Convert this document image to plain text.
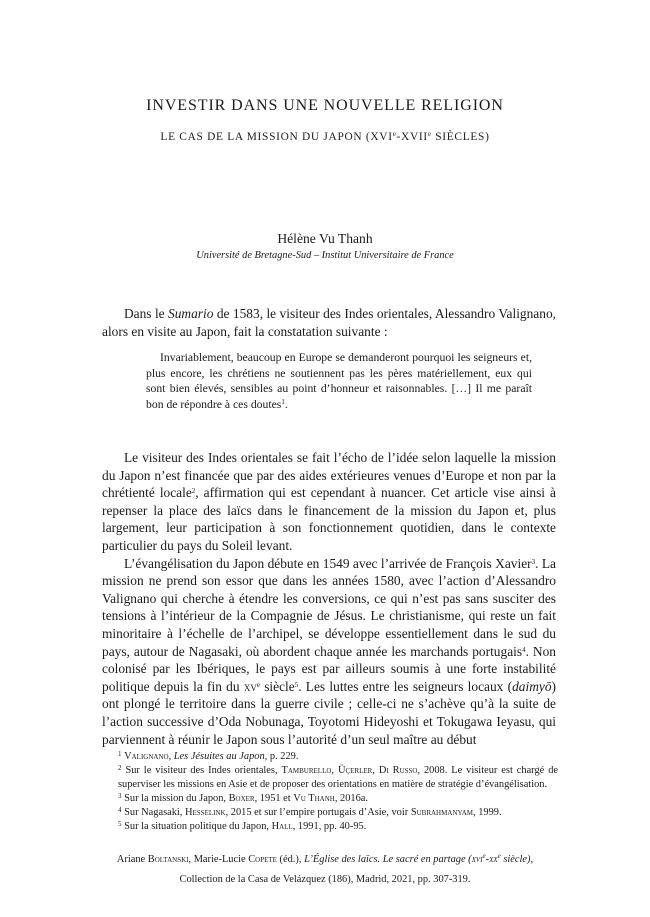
INVESTIR DANS UNE NOUVELLE RELIGION
LE CAS DE LA MISSION DU JAPON (XVIe-XVIIe SIÈCLES)
Hélène Vu Thanh
Université de Bretagne-Sud – Institut Universitaire de France

Dans le Sumario de 1583, le visiteur des Indes orientales, Alessandro Valignano, alors en visite au Japon, fait la constatation suivante :

Invariablement, beaucoup en Europe se demanderont pourquoi les seigneurs et, plus encore, les chrétiens ne soutiennent pas les pères matériellement, eux qui sont bien élevés, sensibles au point d’honneur et raisonnables. […] Il me paraît bon de répondre à ces doutes$^1$.

Le visiteur des Indes orientales se fait l’écho de l’idée selon laquelle la mission du Japon n’est financée que par des aides extérieures venues d’Europe et non par la chrétienté locale$^2$, affirmation qui est cependant à nuancer. Cet article vise ainsi à repenser la place des laïcs dans le financement de la mission du Japon et, plus largement, leur participation à son fonctionnement quotidien, dans le contexte particulier du pays du Soleil levant.

L’évangélisation du Japon débute en 1549 avec l’arrivée de François Xavier$^3$. La mission ne prend son essor que dans les années 1580, avec l’action d’Alessandro Valignano qui cherche à étendre les conversions, ce qui n’est pas sans susciter des tensions à l’intérieur de la Compagnie de Jésus. Le christianisme, qui reste un fait minoritaire à l’échelle de l’archipel, se développe essentiellement dans le sud du pays, autour de Nagasaki, où abordent chaque année les marchands portugais$^4$. Non colonisé par les Ibériques, le pays est par ailleurs soumis à une forte instabilité politique depuis la fin du $xv^e$ siècle$^5$. Les luttes entre les seigneurs locaux (daimyō) ont plongé le territoire dans la guerre civile ; celle-ci ne s’achève qu’à la suite de l’action successive d’Oda Nobunaga, Toyotomi Hideyoshi et Tokugawa Ieyasu, qui parviennent à réunir le Japon sous l’autorité d’un seul maître au début

$^1$ Valignano, Les Jésuites au Japon, p. 229.

$^2$ Sur le visiteur des Indes orientales, Tamburello, Üçerler, Di Russo, 2008. Le visiteur est chargé de superviser les missions en Asie et de proposer des orientations en matière de stratégie d’évangélisation.

$^3$ Sur la mission du Japon, Boxer, 1951 et Vu Thanh, 2016a.

$^4$ Sur Nagasaki, Hesselink, 2015 et sur l’empire portugais d’Asie, voir Subrahmanyam, 1999.

$^5$ Sur la situation politique du Japon, Hall, 1991, pp. 40-95.

Ariane Boltanski, Marie-Lucie Copete (éd.), L’Église des laïcs. Le sacré en partage ($xvi^e-xx^e$ siècle),
Collection de la Casa de Velázquez (186), Madrid, 2021, pp. 307-319.
